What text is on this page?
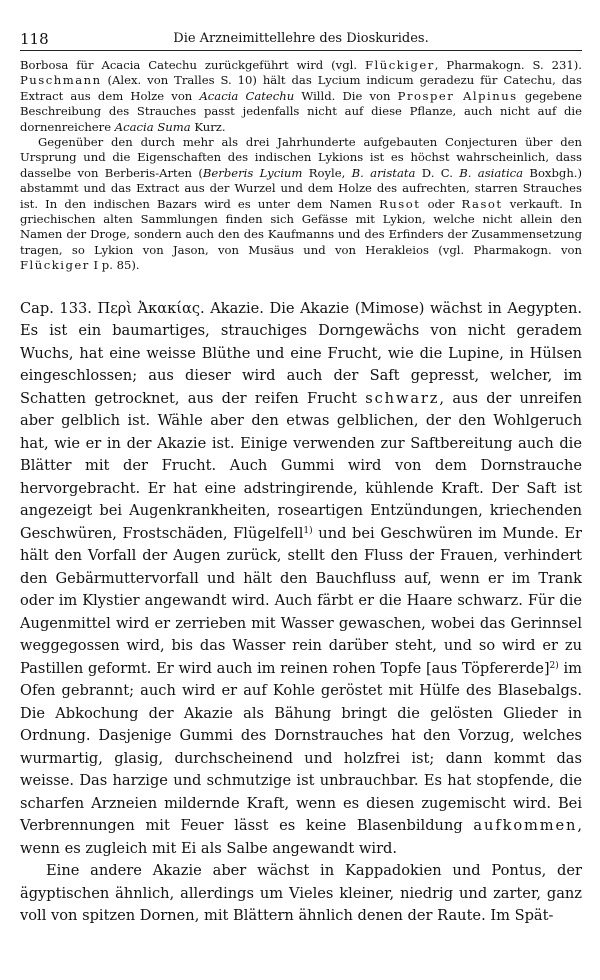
118	Die Arzneimittellehre des Dioskurides.

Borbosa für Acacia Catechu zurückgeführt wird (vgl. Flückiger, Pharmakogn. S. 231). Puschmann (Alex. von Tralles S. 10) hält das Lycium indicum geradezu für Catechu, das Extract aus dem Holze von Acacia Catechu Willd. Die von Prosper Alpinus gegebene Beschreibung des Strauches passt jedenfalls nicht auf diese Pflanze, auch nicht auf die dornenreichere Acacia Suma Kurz.

Gegenüber den durch mehr als drei Jahrhunderte aufgebauten Conjecturen über den Ursprung und die Eigenschaften des indischen Lykions ist es höchst wahrscheinlich, dass dasselbe von Berberis-Arten (Berberis Lycium Royle, B. aristata D. C. B. asiatica Boxbgh.) abstammt und das Extract aus der Wurzel und dem Holze des aufrechten, starren Strauches ist. In den indischen Bazars wird es unter dem Namen Rusot oder Rasot verkauft. In griechischen alten Sammlungen finden sich Gefässe mit Lykion, welche nicht allein den Namen der Droge, sondern auch den des Kaufmanns und des Erfinders der Zusammensetzung tragen, so Lykion von Jason, von Musäus und von Herakleios (vgl. Pharmakogn. von Flückiger I p. 85).

Cap. 133. Περὶ Ἀκακίας. Akazie. Die Akazie (Mimose) wächst in Aegypten. Es ist ein baumartiges, strauchiges Dorngewächs von nicht geradem Wuchs, hat eine weisse Blüthe und eine Frucht, wie die Lupine, in Hülsen eingeschlossen; aus dieser wird auch der Saft gepresst, welcher, im Schatten getrocknet, aus der reifen Frucht schwarz, aus der unreifen aber gelblich ist. Wähle aber den etwas gelblichen, der den Wohlgeruch hat, wie er in der Akazie ist. Einige verwenden zur Saftbereitung auch die Blätter mit der Frucht. Auch Gummi wird von dem Dornstrauche hervorgebracht. Er hat eine adstringirende, kühlende Kraft. Der Saft ist angezeigt bei Augenkrankheiten, roseartigen Entzündungen, kriechenden Geschwüren, Frostschäden, Flügelfell$^{1)}$ und bei Geschwüren im Munde. Er hält den Vorfall der Augen zurück, stellt den Fluss der Frauen, verhindert den Gebärmuttervorfall und hält den Bauchfluss auf, wenn er im Trank oder im Klystier angewandt wird. Auch färbt er die Haare schwarz. Für die Augenmittel wird er zerrieben mit Wasser gewaschen, wobei das Gerinnsel weggegossen wird, bis das Wasser rein darüber steht, und so wird er zu Pastillen geformt. Er wird auch im reinen rohen Topfe [aus Töpfererde]$^{2)}$ im Ofen gebrannt; auch wird er auf Kohle geröstet mit Hülfe des Blasebalgs. Die Abkochung der Akazie als Bähung bringt die gelösten Glieder in Ordnung. Dasjenige Gummi des Dornstrauches hat den Vorzug, welches wurmartig, glasig, durchscheinend und holzfrei ist; dann kommt das weisse. Das harzige und schmutzige ist unbrauchbar. Es hat stopfende, die scharfen Arzneien mildernde Kraft, wenn es diesen zugemischt wird. Bei Verbrennungen mit Feuer lässt es keine Blasenbildung aufkommen, wenn es zugleich mit Ei als Salbe angewandt wird.

Eine andere Akazie aber wächst in Kappadokien und Pontus, der ägyptischen ähnlich, allerdings um Vieles kleiner, niedrig und zarter, ganz voll von spitzen Dornen, mit Blättern ähnlich denen der Raute. Im Spät-
